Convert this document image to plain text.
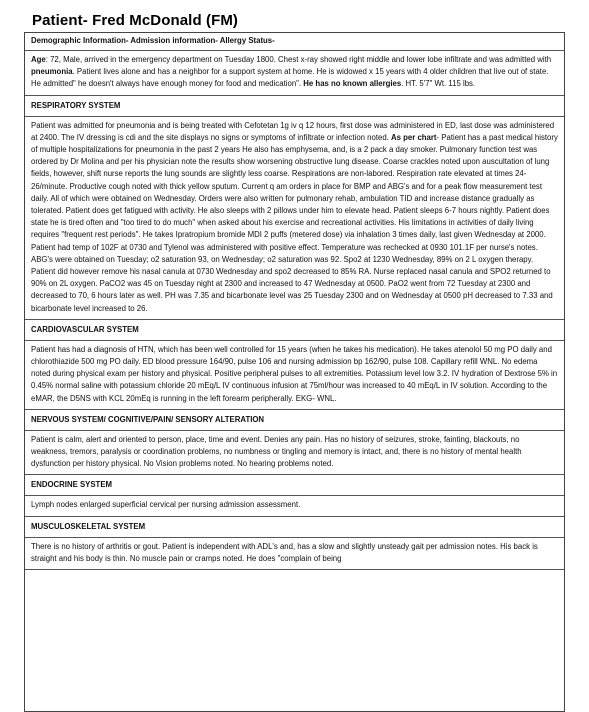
Patient- Fred McDonald (FM)
Demographic Information- Admission information- Allergy Status-
Age: 72, Male, arrived in the emergency department on Tuesday 1800. Chest x-ray showed right middle and lower lobe infiltrate and was admitted with pneumonia. Patient lives alone and has a neighbor for a support system at home. He is widowed x 15 years with 4 older children that live out of state. He admitted" he doesn't always have enough money for food and medication". He has no known allergies. HT. 5'7" Wt. 115 lbs.
RESPIRATORY SYSTEM
Patient was admitted for pneumonia and is being treated with Cefotetan 1g iv q 12 hours, first dose was administered in ED, last dose was administered at 2400. The IV dressing is cdi and the site displays no signs or symptoms of infiltrate or infection noted. As per chart- Patient has a past medical history of multiple hospitalizations for pneumonia in the past 2 years He also has emphysema, and, is a 2 pack a day smoker. Pulmonary function test was ordered by Dr Molina and per his physician note the results show worsening obstructive lung disease. Coarse crackles noted upon auscultation of lung fields, however, shift nurse reports the lung sounds are slightly less coarse. Respirations are non-labored. Respiration rate elevated at times 24-26/minute. Productive cough noted with thick yellow sputum. Current q am orders in place for BMP and ABG's and for a peak flow measurement test daily. All of which were obtained on Wednesday. Orders were also written for pulmonary rehab, ambulation TID and increase distance gradually as tolerated. Patient does get fatigued with activity. He also sleeps with 2 pillows under him to elevate head. Patient sleeps 6-7 hours nightly. Patient does state he is tired often and "too tired to do much" when asked about his exercise and recreational activities. His limitations in activities of daily living requires "frequent rest periods". He takes Ipratropium bromide MDI 2 puffs (metered dose) via inhalation 3 times daily, last given Wednesday at 2000. Patient had temp of 102F at 0730 and Tylenol was administered with positive effect. Temperature was rechecked at 0930 101.1F per nurse's notes. ABG's were obtained on Tuesday; o2 saturation 93, on Wednesday; o2 saturation was 92. Spo2 at 1230 Wednesday, 89% on 2 L oxygen therapy. Patient did however remove his nasal canula at 0730 Wednesday and spo2 decreased to 85% RA. Nurse replaced nasal canula and SPO2 returned to 90% on 2L oxygen. PaCO2 was 45 on Tuesday night at 2300 and increased to 47 Wednesday at 0500. PaO2 went from 72 Tuesday at 2300 and decreased to 70, 6 hours later as well. PH was 7.35 and bicarbonate level was 25 Tuesday 2300 and on Wednesday at 0500 pH decreased to 7.33 and bicarbonate level increased to 26.
CARDIOVASCULAR SYSTEM
Patient has had a diagnosis of HTN, which has been well controlled for 15 years (when he takes his medication). He takes atenolol 50 mg PO daily and chlorothiazide 500 mg PO daily. ED blood pressure 164/90, pulse 106 and nursing admission bp 162/90, pulse 108. Capillary refill WNL. No edema noted during physical exam per history and physical. Positive peripheral pulses to all extremities. Potassium level low 3.2. IV hydration of Dextrose 5% in 0.45% normal saline with potassium chloride 20 mEq/L IV continuous infusion at 75ml/hour was increased to 40 mEq/L in IV solution. According to the eMAR, the D5NS with KCL 20mEq is running in the left forearm peripherally. EKG- WNL.
NERVOUS SYSTEM/ COGNITIVE/PAIN/ SENSORY ALTERATION
Patient is calm, alert and oriented to person, place, time and event. Denies any pain. Has no history of seizures, stroke, fainting, blackouts, no weakness, tremors, paralysis or coordination problems, no numbness or tingling and memory is intact, and, there is no history of mental health dysfunction per history physical. No Vision problems noted. No hearing problems noted.
ENDOCRINE SYSTEM
Lymph nodes enlarged superficial cervical per nursing admission assessment.
MUSCULOSKELETAL SYSTEM
There is no history of arthritis or gout. Patient is independent with ADL's and, has a slow and slightly unsteady gait per admission notes. His back is straight and his body is thin. No muscle pain or cramps noted. He does "complain of being
